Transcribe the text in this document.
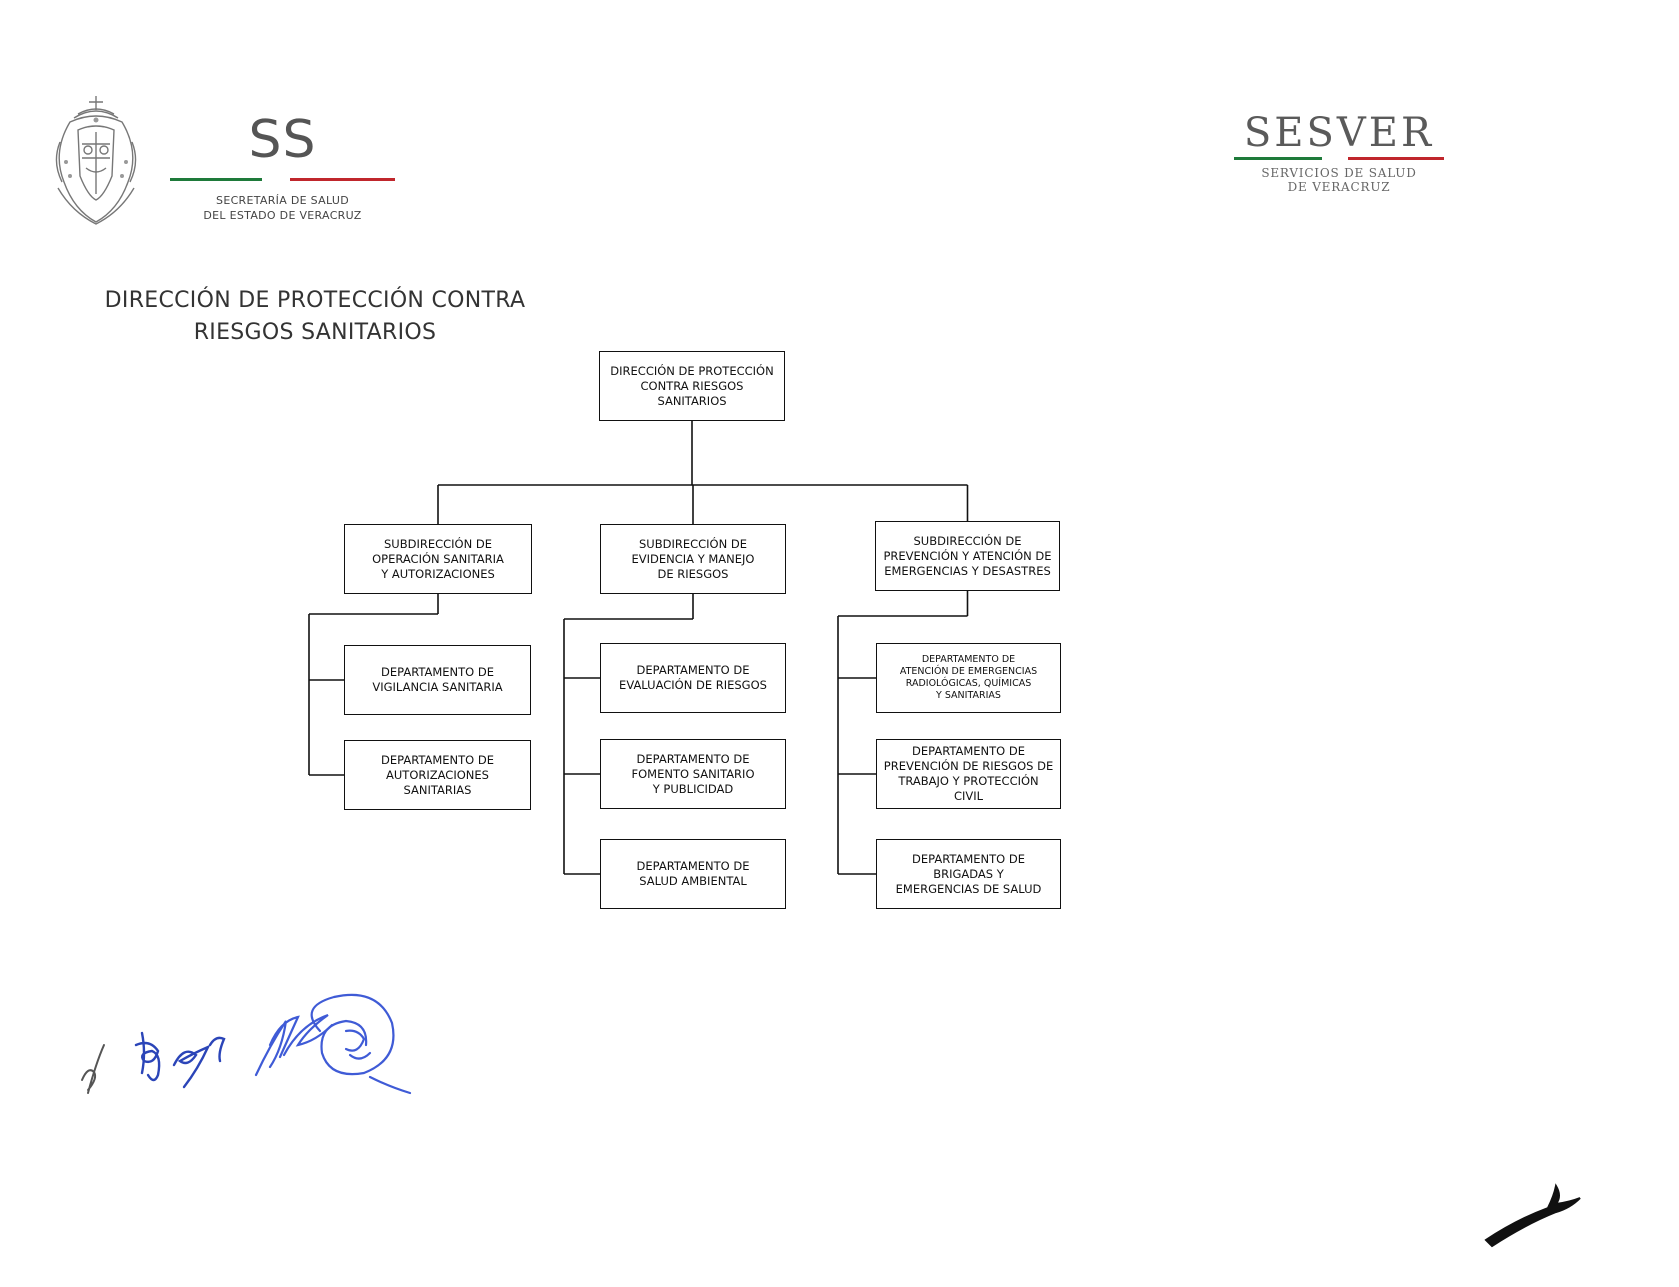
SS
SECRETARÍA DE SALUD
DEL ESTADO DE VERACRUZ
SESVER
SERVICIOS DE SALUD
DE VERACRUZ
DIRECCIÓN DE PROTECCIÓN CONTRA
RIESGOS SANITARIOS
DIRECCIÓN DE PROTECCIÓN
CONTRA RIESGOS SANITARIOS
SUBDIRECCIÓN DE
OPERACIÓN SANITARIA
Y AUTORIZACIONES
SUBDIRECCIÓN DE
EVIDENCIA Y MANEJO
DE RIESGOS
SUBDIRECCIÓN DE
PREVENCIÓN Y ATENCIÓN DE
EMERGENCIAS Y DESASTRES
DEPARTAMENTO DE
VIGILANCIA SANITARIA
DEPARTAMENTO DE
AUTORIZACIONES
SANITARIAS
DEPARTAMENTO DE
EVALUACIÓN DE RIESGOS
DEPARTAMENTO DE
FOMENTO SANITARIO
Y PUBLICIDAD
DEPARTAMENTO DE
SALUD AMBIENTAL
DEPARTAMENTO DE
ATENCIÓN DE EMERGENCIAS
RADIOLÓGICAS, QUÍMICAS
Y SANITARIAS
DEPARTAMENTO DE
PREVENCIÓN DE RIESGOS DE
TRABAJO Y PROTECCIÓN CIVIL
DEPARTAMENTO DE
BRIGADAS Y
EMERGENCIAS DE SALUD
